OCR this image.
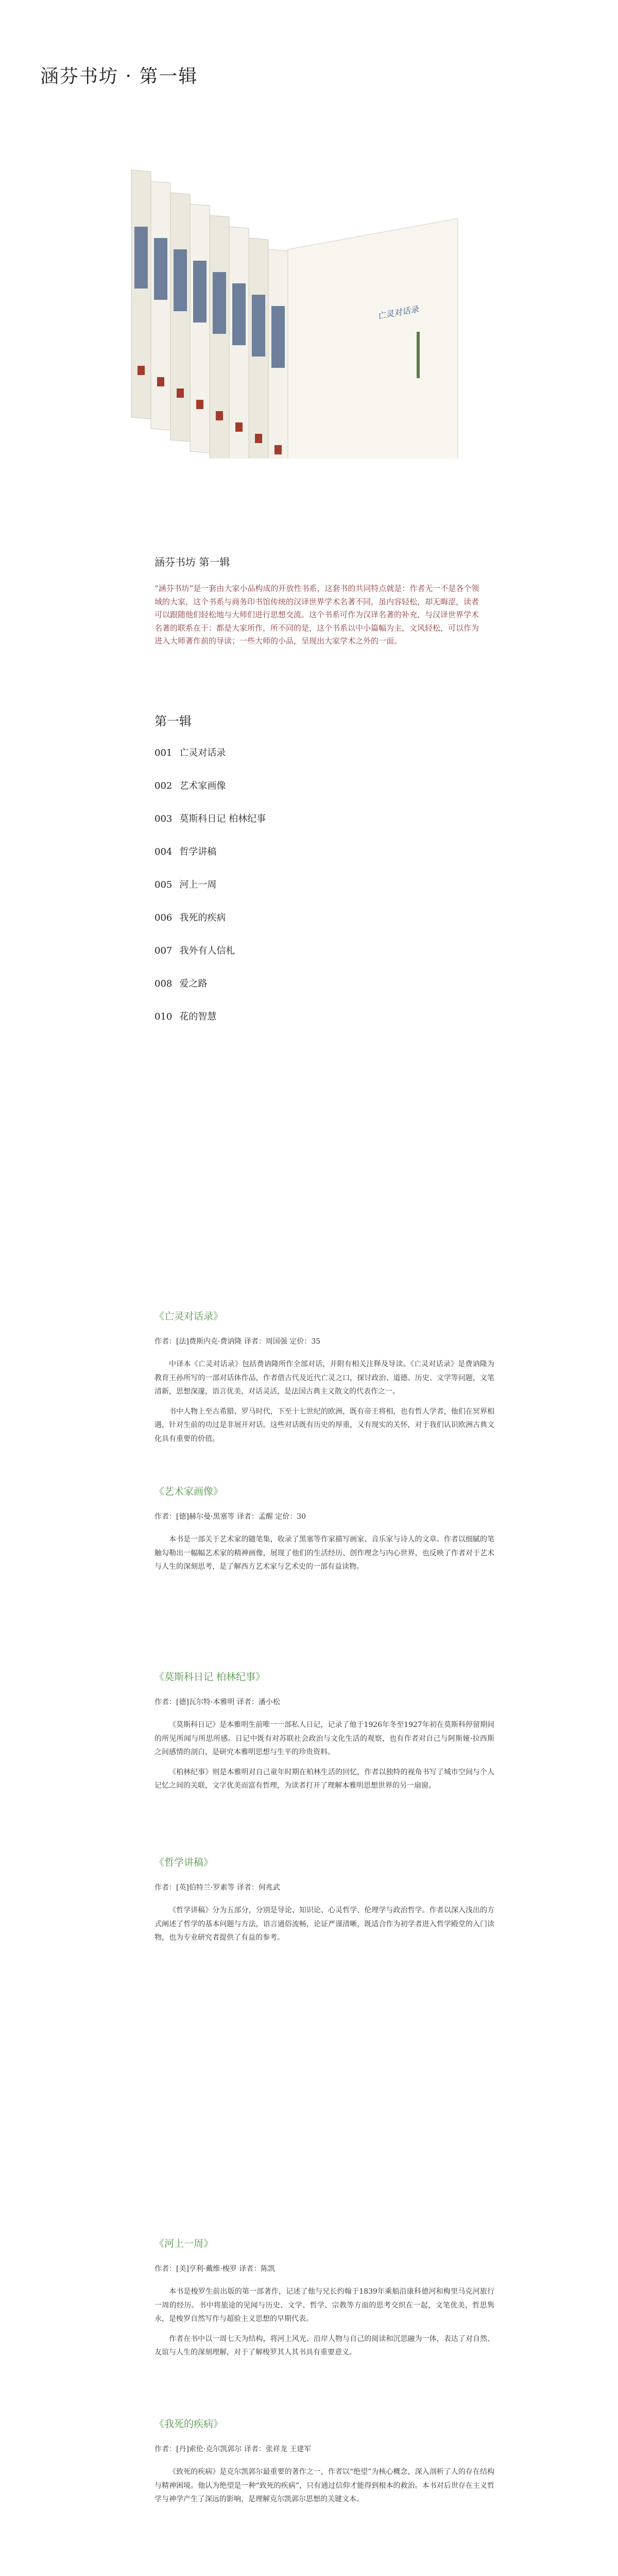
涵芬书坊 · 第一辑
亡灵对话录
涵芬书坊 第一辑
“涵芬书坊”是一套由大家小品构成的开放性书系，这套书的共同特点就是：作者无一不是各个领域的大家，这个书系与商务印书馆传统的汉译世界学术名著不同，虽内容轻松，却无晦涩，读者可以跟随他们轻松地与大师们进行思想交流。这个书系可作为汉译名著的补充，与汉译世界学术名著的联系在于：都是大家所作，所不同的是，这个书系以中小篇幅为主，文风轻松，可以作为进入大师著作前的导读；一些大师的小品，呈现出大家学术之外的一面。
第一辑
001 亡灵对话录
002 艺术家画像
003 莫斯科日记 柏林纪事
004 哲学讲稿
005 河上一周
006 我死的疾病
007 我外有人信札
008 爱之路
010 花的智慧
《亡灵对话录》
作者：[法]费斯内克·费讷隆 译者：周国强 定价：35

中译本《亡灵对话录》包括费讷隆所作全部对话，并附有相关注释及导读。《亡灵对话录》是费讷隆为教育王孙所写的一部对话体作品，作者借古代及近代亡灵之口，探讨政治、道德、历史、文学等问题，文笔清新，思想深邃，语言优美，对话灵活，是法国古典主义散文的代表作之一。

书中人物上至古希腊、罗马时代，下至十七世纪的欧洲，既有帝王将相，也有哲人学者，他们在冥界相遇，针对生前的功过是非展开对话。这些对话既有历史的厚重，又有现实的关怀，对于我们认识欧洲古典文化具有重要的价值。

《艺术家画像》
作者：[德]赫尔曼·黑塞等 译者：孟醒 定价：30

本书是一部关于艺术家的随笔集，收录了黑塞等作家描写画家、音乐家与诗人的文章。作者以细腻的笔触勾勒出一幅幅艺术家的精神画像，展现了他们的生活经历、创作理念与内心世界，也反映了作者对于艺术与人生的深刻思考，是了解西方艺术家与艺术史的一部有益读物。

《莫斯科日记 柏林纪事》
作者：[德]瓦尔特·本雅明 译者：潘小松

《莫斯科日记》是本雅明生前唯一一部私人日记，记录了他于1926年冬至1927年初在莫斯科停留期间的所见所闻与所思所感。日记中既有对苏联社会政治与文化生活的观察，也有作者对自己与阿斯娅·拉西斯之间感情的剖白，是研究本雅明思想与生平的珍贵资料。

《柏林纪事》则是本雅明对自己童年时期在柏林生活的回忆，作者以独特的视角书写了城市空间与个人记忆之间的关联，文字优美而富有哲理，为读者打开了理解本雅明思想世界的另一扇窗。

《哲学讲稿》
作者：[英]伯特兰·罗素等 译者：何兆武

《哲学讲稿》分为五部分，分别是导论、知识论、心灵哲学、伦理学与政治哲学。作者以深入浅出的方式阐述了哲学的基本问题与方法，语言通俗流畅，论证严谨清晰，既适合作为初学者进入哲学殿堂的入门读物，也为专业研究者提供了有益的参考。

《河上一周》
作者：[美]亨利·戴维·梭罗 译者：陈凯

本书是梭罗生前出版的第一部著作，记述了他与兄长约翰于1839年乘船沿康科德河和梅里马克河旅行一周的经历。书中将旅途的见闻与历史、文学、哲学、宗教等方面的思考交织在一起，文笔优美，哲思隽永，是梭罗自然写作与超验主义思想的早期代表。

作者在书中以一周七天为结构，将河上风光、沿岸人物与自己的阅读和沉思融为一体，表达了对自然、友谊与人生的深刻理解，对于了解梭罗其人其书具有重要意义。

《我死的疾病》
作者：[丹]索伦·克尔凯郭尔 译者：张祥龙 王建军

《致死的疾病》是克尔凯郭尔最重要的著作之一，作者以“绝望”为核心概念，深入剖析了人的存在结构与精神困境。他认为绝望是一种“致死的疾病”，只有通过信仰才能得到根本的救治。本书对后世存在主义哲学与神学产生了深远的影响，是理解克尔凯郭尔思想的关键文本。
